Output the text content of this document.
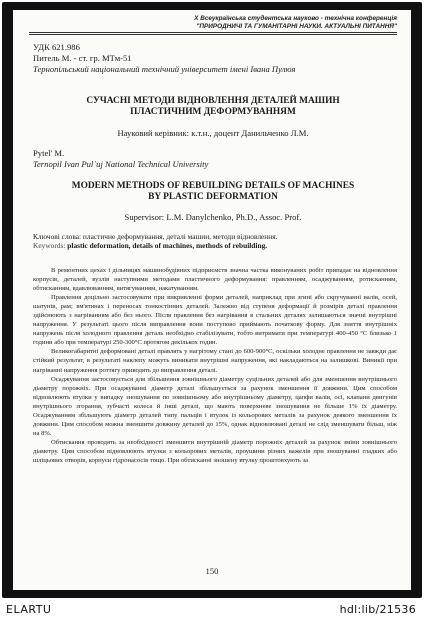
X Всеукраїнська студентська науково - технічна конференція
"ПРИРОДНИЧІ ТА ГУМАНІТАРНІ НАУКИ. АКТУАЛЬНІ ПИТАННЯ"
УДК 621.986
Питель М. - ст. гр. МТм-51
Тернопільський національний технічний університет імені Івана Пулюя
СУЧАСНІ МЕТОДИ ВІДНОВЛЕННЯ ДЕТАЛЕЙ МАШИН
ПЛАСТИЧНИМ ДЕФОРМУВАННЯМ
Науковий керівник: к.т.н., доцент Данильченко Л.М.
Pytel' M.
Ternopil Ivan Pul`uj National Technical University
MODERN METHODS OF REBUILDING DETAILS OF MACHINES
BY PLASTIC DEFORMATION
Supervisor: L.M. Danylchenko, Ph.D., Assoc. Prof.
Ключові слова: пластичне деформування, деталі машин, методи відновлення.
Keywords: plastic deformation, details of machines, methods of rebuilding.

В ремонтних цехах і дільницях машинобудівних підприємств значна частка виконуваних робіт припадає на відновлення корпусів, деталей, вузлів наступними методами пластичного деформування: правленням, осаджуванням, ротисканням, обтисканням, вдавлюванням, витягуванням, накатуванням.

Правлення доцільно застосовувати при викривленні форми деталей, наприклад при згині або скручуванні валів, осей, шатунів, рам; вм'ятинах і переносах тонкостінних деталей. Залежно від ступеня деформації й розмірів деталі правлення здійснюють з нагріванням або без нього. Після правлення без нагрівання в стальних деталях залишаються значні внутрішні напруження. У результаті цього після виправлення вони поступово приймають початкову форму. Для зняття внутрішніх напружень після холодного правлення деталь необхідно стабілізувати, тобто витримати при температурі 400-450 °С близько 1 години або при температурі 250-300°С протягом декількох годин.

Великогабаритні деформовані деталі правлять у нагрітому стані до 600-900°С, оскільки холодне правлення не завжди дає стійкий результат, в результаті наклепу можуть виникати внутрішні напруження, які накладаються на залишкові. Виникії при нагріванні напруження роттягу приводять до виправлення деталі.

Осаджування застосовується для збільшення зовнішнього діаметру суцільних деталей або для зменшення внутрішнього діаметру порожніх. При осаджуванні діаметр деталі збільшується за рахунок зменшення її довжини. Цим способом відновлюють втулки у випадку зношування по зовнішньому або внутрішньому діаметру, цапфи валів, осі, клапани двигунів внутрішнього згорання, зубчасті колеса й інші деталі, що мають поверхневе зношування не більше 1% їх діаметру. Осаджуванням збільшують діаметр деталей типу пальців і втулок із кольорових металів за рахунок деякого зменшення їх довжини. Цим способом можна зменшити довжину деталей до 15%, однак відновлювані деталі не слід зменшувати більш, ніж на 8%.

Обтискання проводять за необхідності зменшити внутрішній діаметр порожніх деталей за рахунок зміни зовнішнього діаметру. Цим способом відновлюють втулки з кольорових металів, проушини різних важелів при зношуванні гладких або шліцьових отворів, корпуси гідронасосів тощо. При обтисканні зношену втулку проштовхують за

150
ELARTU	hdl:lib/21536
